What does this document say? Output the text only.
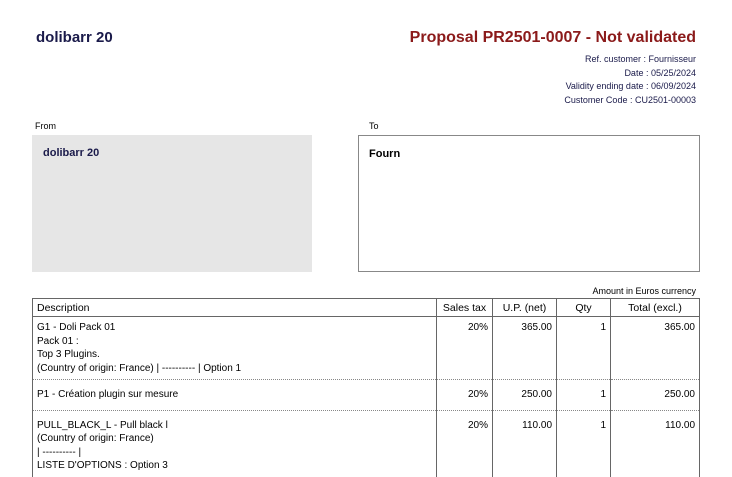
dolibarr 20	Proposal PR2501-0007 - Not validated
Ref. customer : Fournisseur
Date : 05/25/2024
Validity ending date : 06/09/2024
Customer Code : CU2501-00003
From	To
dolibarr 20	Fourn
Amount in Euros currency
Description	Sales tax	U.P. (net)	Qty	Total (excl.)

G1 - Doli Pack 01
Pack 01 :
Top 3 Plugins.
(Country of origin: France) | ---------- | Option 1	20%	365.00	1	365.00

P1 - Création plugin sur mesure	20%	250.00	1	250.00

PULL_BLACK_L - Pull black l
(Country of origin: France)
| ---------- |
LISTE D'OPTIONS : Option 3	20%	110.00	1	110.00
